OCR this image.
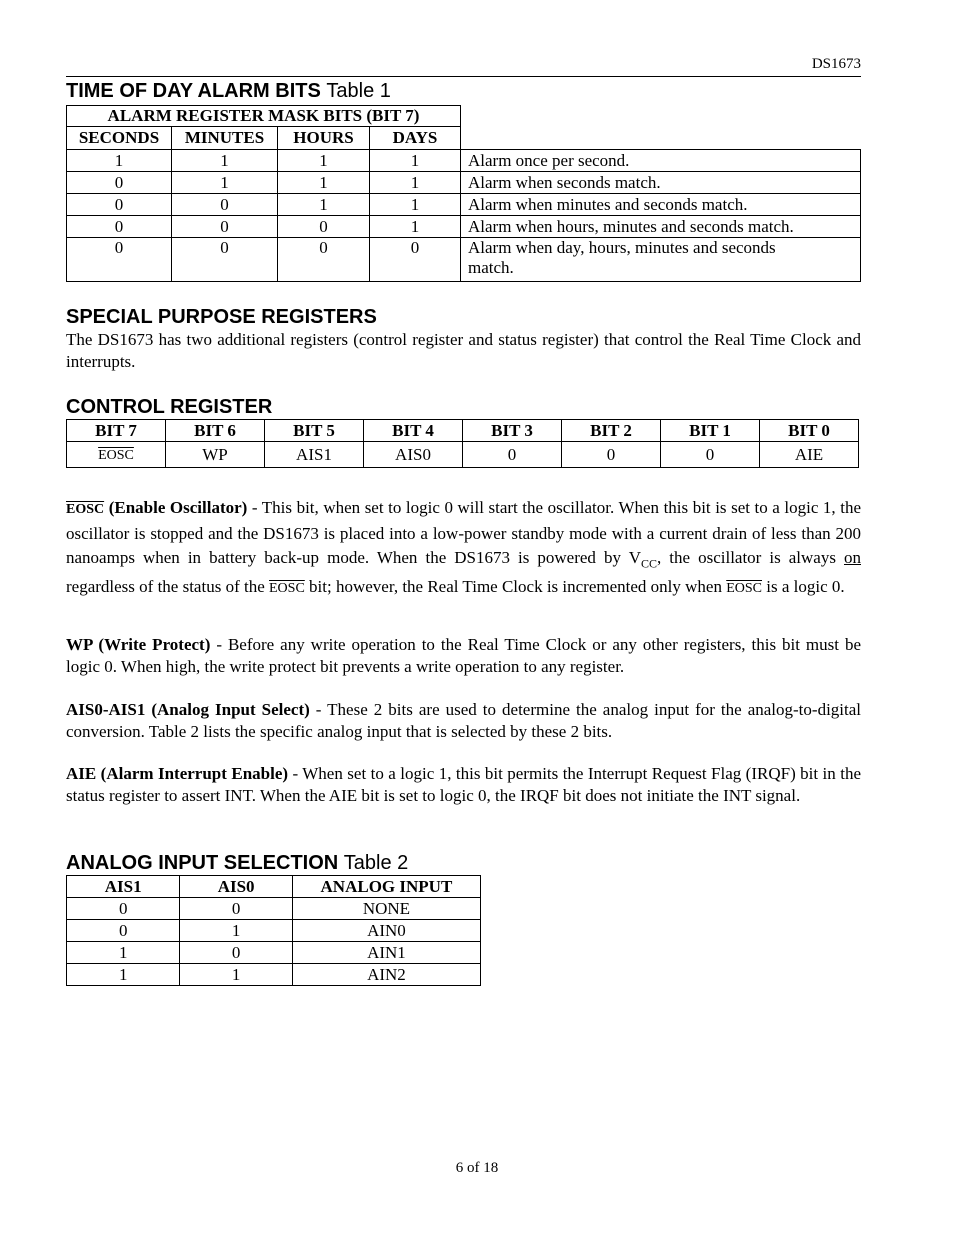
DS1673
TIME OF DAY ALARM BITS Table 1
ALARM REGISTER MASK BITS (BIT 7)				
SECONDS	MINUTES	HOURS	DAYS	
1	1	1	1	Alarm once per second.
0	1	1	1	Alarm when seconds match.
0	0	1	1	Alarm when minutes and seconds match.
0	0	0	1	Alarm when hours, minutes and seconds match.
0	0	0	0	Alarm when day, hours, minutes and seconds match.
SPECIAL PURPOSE REGISTERS
The DS1673 has two additional registers (control register and status register) that control the Real Time Clock and interrupts.
CONTROL REGISTER
BIT 7	BIT 6	BIT 5	BIT 4	BIT 3	BIT 2	BIT 1	BIT 0
EOSC	WP	AIS1	AIS0	0	0	0	AIE
EOSC (Enable Oscillator) - This bit, when set to logic 0 will start the oscillator. When this bit is set to a logic 1, the oscillator is stopped and the DS1673 is placed into a low-power standby mode with a current drain of less than 200 nanoamps when in battery back-up mode. When the DS1673 is powered by $V_{CC}$, the oscillator is always on regardless of the status of the EOSC bit; however, the Real Time Clock is incremented only when EOSC is a logic 0.
WP (Write Protect) - Before any write operation to the Real Time Clock or any other registers, this bit must be logic 0. When high, the write protect bit prevents a write operation to any register.
AIS0-AIS1 (Analog Input Select) - These 2 bits are used to determine the analog input for the analog-to-digital conversion. Table 2 lists the specific analog input that is selected by these 2 bits.
AIE (Alarm Interrupt Enable) - When set to a logic 1, this bit permits the Interrupt Request Flag (IRQF) bit in the status register to assert INT. When the AIE bit is set to logic 0, the IRQF bit does not initiate the INT signal.
ANALOG INPUT SELECTION Table 2
AIS1	AIS0	ANALOG INPUT
0	0	NONE
0	1	AIN0
1	0	AIN1
1	1	AIN2
6 of 18
